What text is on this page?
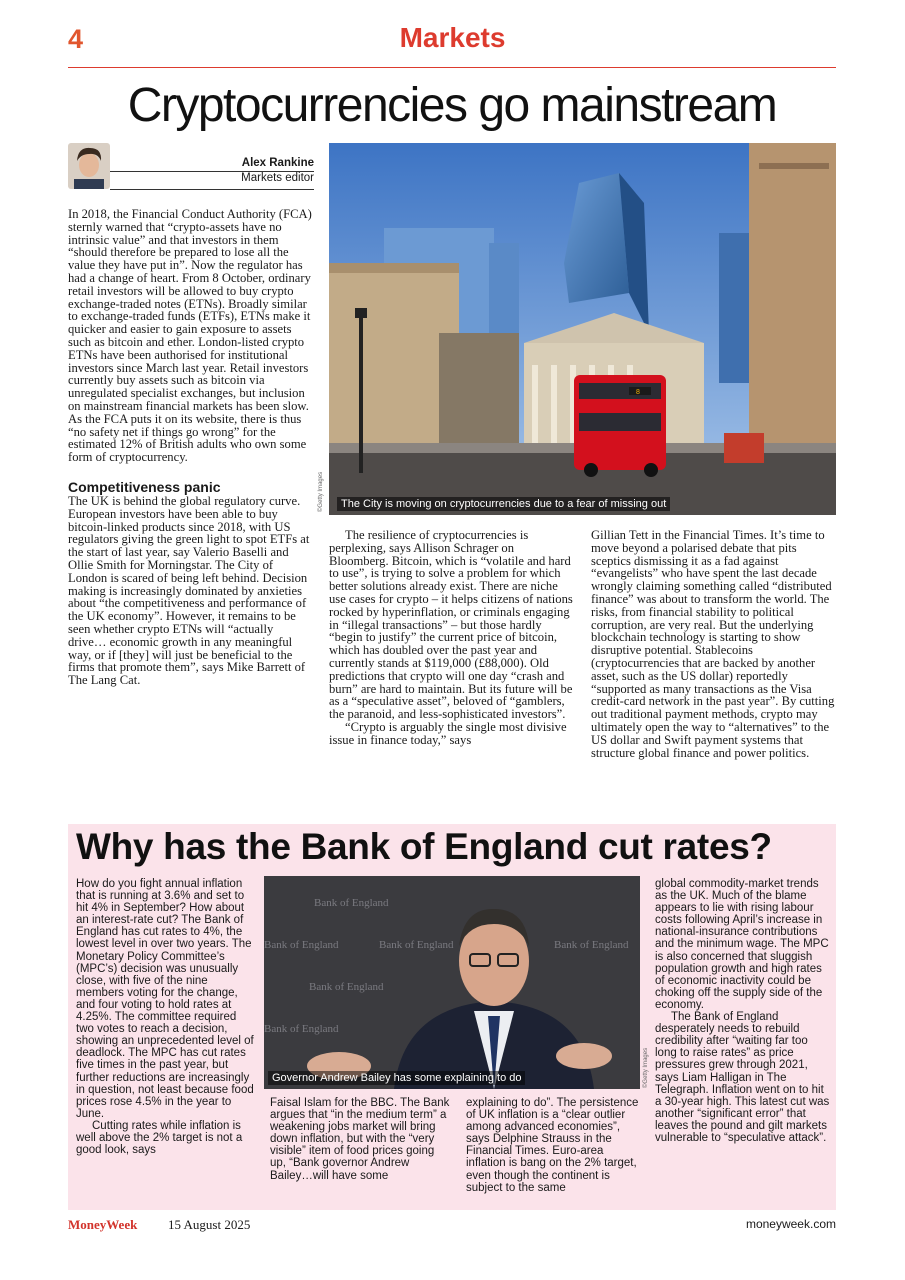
4	Markets
Cryptocurrencies go mainstream
Alex Rankine
Markets editor

In 2018, the Financial Conduct Authority (FCA) sternly warned that “crypto-assets have no intrinsic value” and that investors in them “should therefore be prepared to lose all the value they have put in”. Now the regulator has had a change of heart. From 8 October, ordinary retail investors will be allowed to buy crypto exchange-traded notes (ETNs). Broadly similar to exchange-traded funds (ETFs), ETNs make it quicker and easier to gain exposure to assets such as bitcoin and ether. London-listed crypto ETNs have been authorised for institutional investors since March last year. Retail investors currently buy assets such as bitcoin via unregulated specialist exchanges, but inclusion on mainstream financial markets has been slow. As the FCA puts it on its website, there is thus “no safety net if things go wrong” for the estimated 12% of British adults who own some form of cryptocurrency.

Competitiveness panic

The UK is behind the global regulatory curve. European investors have been able to buy bitcoin-linked products since 2018, with US regulators giving the green light to spot ETFs at the start of last year, say Valerio Baselli and Ollie Smith for Morningstar. The City of London is scared of being left behind. Decision making is increasingly dominated by anxieties about “the competitiveness and performance of the UK economy”. However, it remains to be seen whether crypto ETNs will “actually drive… economic growth in any meaningful way, or if [they] will just be beneficial to the firms that promote them”, says Mike Barrett of The Lang Cat.

8
The City is moving on cryptocurrencies due to a fear of missing out
©Getty Images

The resilience of cryptocurrencies is perplexing, says Allison Schrager on Bloomberg. Bitcoin, which is “volatile and hard to use”, is trying to solve a problem for which better solutions already exist. There are niche use cases for crypto – it helps citizens of nations rocked by hyperinflation, or criminals engaging in “illegal transactions” – but those hardly “begin to justify” the current price of bitcoin, which has doubled over the past year and currently stands at $119,000 (£88,000). Old predictions that crypto will one day “crash and burn” are hard to maintain. But its future will be as a “speculative asset”, beloved of “gamblers, the paranoid, and less-sophisticated investors”.

“Crypto is arguably the single most divisive issue in finance today,” says

Gillian Tett in the Financial Times. It’s time to move beyond a polarised debate that pits sceptics dismissing it as a fad against “evangelists” who have spent the last decade wrongly claiming something called “distributed finance” was about to transform the world. The risks, from financial stability to political corruption, are very real. But the underlying blockchain technology is starting to show disruptive potential. Stablecoins (cryptocurrencies that are backed by another asset, such as the US dollar) reportedly “supported as many transactions as the Visa credit-card network in the past year”. By cutting out traditional payment methods, crypto may ultimately open the way to “alternatives” to the US dollar and Swift payment systems that structure global finance and power politics.

Why has the Bank of England cut rates?

How do you fight annual inflation that is running at 3.6% and set to hit 4% in September? How about an interest-rate cut? The Bank of England has cut rates to 4%, the lowest level in over two years. The Monetary Policy Committee’s (MPC’s) decision was unusually close, with five of the nine members voting for the change, and four voting to hold rates at 4.25%. The committee required two votes to reach a decision, showing an unprecedented level of deadlock. The MPC has cut rates five times in the past year, but further reductions are increasingly in question, not least because food prices rose 4.5% in the year to June.

Cutting rates while inflation is well above the 2% target is not a good look, says

Bank of England
Bank of England	Bank of England
Bank of England
Bank of England
Bank of England
Governor Andrew Bailey has some explaining to do	©Getty Images

Faisal Islam for the BBC. The Bank argues that “in the medium term” a weakening jobs market will bring down inflation, but with the “very visible” item of food prices going up, “Bank governor Andrew Bailey…will have some

explaining to do”. The persistence of UK inflation is a “clear outlier among advanced economies”, says Delphine Strauss in the Financial Times. Euro-area inflation is bang on the 2% target, even though the continent is subject to the same

global commodity-market trends as the UK. Much of the blame appears to lie with rising labour costs following April’s increase in national-insurance contributions and the minimum wage. The MPC is also concerned that sluggish population growth and high rates of economic inactivity could be choking off the supply side of the economy.

The Bank of England desperately needs to rebuild credibility after “waiting far too long to raise rates” as price pressures grew through 2021, says Liam Halligan in The Telegraph. Inflation went on to hit a 30-year high. This latest cut was another “significant error” that leaves the pound and gilt markets vulnerable to “speculative attack”.

MoneyWeek 15 August 2025	moneyweek.com
